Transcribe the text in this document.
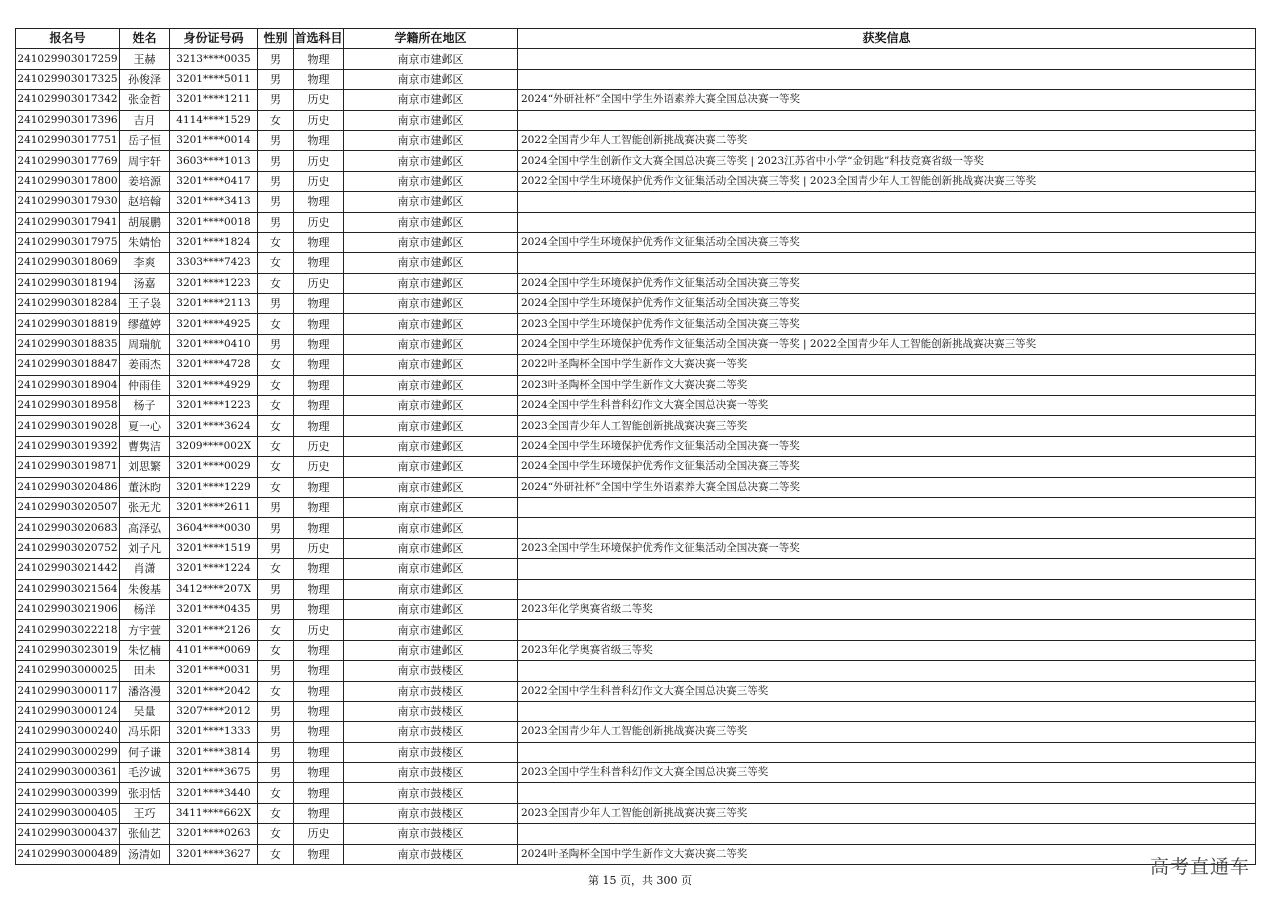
报名号	姓名	身份证号码	性别	首选科目	学籍所在地区	获奖信息
241029903017259	王赫	3213****0035	男	物理	南京市建邺区	
241029903017325	孙俊泽	3201****5011	男	物理	南京市建邺区	
241029903017342	张金哲	3201****1211	男	历史	南京市建邺区	2024“外研社杯”全国中学生外语素养大赛全国总决赛一等奖
241029903017396	吉月	4114****1529	女	历史	南京市建邺区	
241029903017751	岳子恒	3201****0014	男	物理	南京市建邺区	2022全国青少年人工智能创新挑战赛决赛二等奖
241029903017769	周宇轩	3603****1013	男	历史	南京市建邺区	2024全国中学生创新作文大赛全国总决赛三等奖 | 2023江苏省中小学“金钥匙”科技竞赛省级一等奖
241029903017800	姜培源	3201****0417	男	历史	南京市建邺区	2022全国中学生环境保护优秀作文征集活动全国决赛三等奖 | 2023全国青少年人工智能创新挑战赛决赛三等奖
241029903017930	赵培翰	3201****3413	男	物理	南京市建邺区	
241029903017941	胡展鹏	3201****0018	男	历史	南京市建邺区	
241029903017975	朱婧怡	3201****1824	女	物理	南京市建邺区	2024全国中学生环境保护优秀作文征集活动全国决赛三等奖
241029903018069	李爽	3303****7423	女	物理	南京市建邺区	
241029903018194	汤嘉	3201****1223	女	历史	南京市建邺区	2024全国中学生环境保护优秀作文征集活动全国决赛三等奖
241029903018284	王子袅	3201****2113	男	物理	南京市建邺区	2024全国中学生环境保护优秀作文征集活动全国决赛三等奖
241029903018819	缪蕴婷	3201****4925	女	物理	南京市建邺区	2023全国中学生环境保护优秀作文征集活动全国决赛三等奖
241029903018835	周瑞航	3201****0410	男	物理	南京市建邺区	2024全国中学生环境保护优秀作文征集活动全国决赛一等奖 | 2022全国青少年人工智能创新挑战赛决赛三等奖
241029903018847	姜雨杰	3201****4728	女	物理	南京市建邺区	2022叶圣陶杯全国中学生新作文大赛决赛一等奖
241029903018904	仲雨佳	3201****4929	女	物理	南京市建邺区	2023叶圣陶杯全国中学生新作文大赛决赛二等奖
241029903018958	杨子	3201****1223	女	物理	南京市建邺区	2024全国中学生科普科幻作文大赛全国总决赛一等奖
241029903019028	夏一心	3201****3624	女	物理	南京市建邺区	2023全国青少年人工智能创新挑战赛决赛三等奖
241029903019392	曹隽洁	3209****002X	女	历史	南京市建邺区	2024全国中学生环境保护优秀作文征集活动全国决赛一等奖
241029903019871	刘思繁	3201****0029	女	历史	南京市建邺区	2024全国中学生环境保护优秀作文征集活动全国决赛三等奖
241029903020486	董沐昀	3201****1229	女	物理	南京市建邺区	2024“外研社杯”全国中学生外语素养大赛全国总决赛二等奖
241029903020507	张无尤	3201****2611	男	物理	南京市建邺区	
241029903020683	高泽弘	3604****0030	男	物理	南京市建邺区	
241029903020752	刘子凡	3201****1519	男	历史	南京市建邺区	2023全国中学生环境保护优秀作文征集活动全国决赛一等奖
241029903021442	肖潇	3201****1224	女	物理	南京市建邺区	
241029903021564	朱俊基	3412****207X	男	物理	南京市建邺区	
241029903021906	杨洋	3201****0435	男	物理	南京市建邺区	2023年化学奥赛省级二等奖
241029903022218	方宇萱	3201****2126	女	历史	南京市建邺区	
241029903023019	朱忆楠	4101****0069	女	物理	南京市建邺区	2023年化学奥赛省级三等奖
241029903000025	田未	3201****0031	男	物理	南京市鼓楼区	
241029903000117	潘洛漫	3201****2042	女	物理	南京市鼓楼区	2022全国中学生科普科幻作文大赛全国总决赛三等奖
241029903000124	吴量	3207****2012	男	物理	南京市鼓楼区	
241029903000240	冯乐阳	3201****1333	男	物理	南京市鼓楼区	2023全国青少年人工智能创新挑战赛决赛三等奖
241029903000299	何子谦	3201****3814	男	物理	南京市鼓楼区	
241029903000361	毛汐诚	3201****3675	男	物理	南京市鼓楼区	2023全国中学生科普科幻作文大赛全国总决赛三等奖
241029903000399	张羽恬	3201****3440	女	物理	南京市鼓楼区	
241029903000405	王巧	3411****662X	女	物理	南京市鼓楼区	2023全国青少年人工智能创新挑战赛决赛三等奖
241029903000437	张仙艺	3201****0263	女	历史	南京市鼓楼区	
241029903000489	汤清如	3201****3627	女	物理	南京市鼓楼区	2024叶圣陶杯全国中学生新作文大赛决赛二等奖
第 15 页，共 300 页
高考直通车
